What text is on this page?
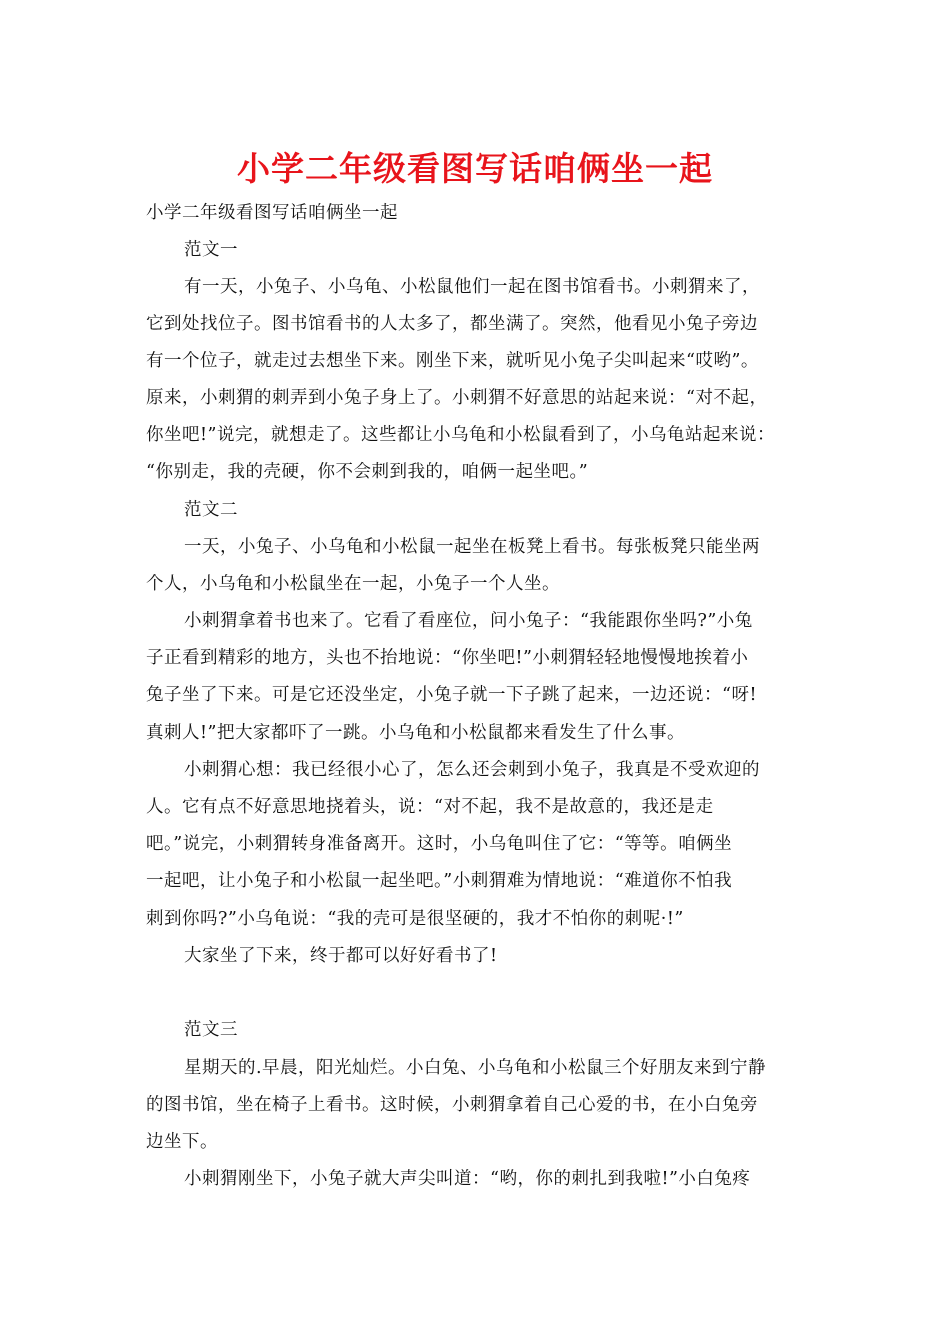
小学二年级看图写话咱俩坐一起
小学二年级看图写话咱俩坐一起
范文一
有一天，小兔子、小乌龟、小松鼠他们一起在图书馆看书。小刺猬来了，
它到处找位子。图书馆看书的人太多了，都坐满了。突然，他看见小兔子旁边
有一个位子，就走过去想坐下来。刚坐下来，就听见小兔子尖叫起来“哎哟”。
原来，小刺猬的刺弄到小兔子身上了。小刺猬不好意思的站起来说：“对不起，
你坐吧!”说完，就想走了。这些都让小乌龟和小松鼠看到了，小乌龟站起来说：
“你别走，我的壳硬，你不会刺到我的，咱俩一起坐吧。”
范文二
一天，小兔子、小乌龟和小松鼠一起坐在板凳上看书。每张板凳只能坐两
个人，小乌龟和小松鼠坐在一起，小兔子一个人坐。
小刺猬拿着书也来了。它看了看座位，问小兔子：“我能跟你坐吗?”小兔
子正看到精彩的地方，头也不抬地说：“你坐吧!”小刺猬轻轻地慢慢地挨着小
兔子坐了下来。可是它还没坐定，小兔子就一下子跳了起来，一边还说：“呀!
真刺人!”把大家都吓了一跳。小乌龟和小松鼠都来看发生了什么事。
小刺猬心想：我已经很小心了，怎么还会刺到小兔子，我真是不受欢迎的
人。它有点不好意思地挠着头，说：“对不起，我不是故意的，我还是走
吧。”说完，小刺猬转身准备离开。这时，小乌龟叫住了它：“等等。咱俩坐
一起吧，让小兔子和小松鼠一起坐吧。”小刺猬难为情地说：“难道你不怕我
刺到你吗?”小乌龟说：“我的壳可是很坚硬的，我才不怕你的刺呢·!”
大家坐了下来，终于都可以好好看书了!
范文三
星期天的.早晨，阳光灿烂。小白兔、小乌龟和小松鼠三个好朋友来到宁静
的图书馆，坐在椅子上看书。这时候，小刺猬拿着自己心爱的书，在小白兔旁
边坐下。
小刺猬刚坐下，小兔子就大声尖叫道：“哟，你的刺扎到我啦!”小白兔疼
